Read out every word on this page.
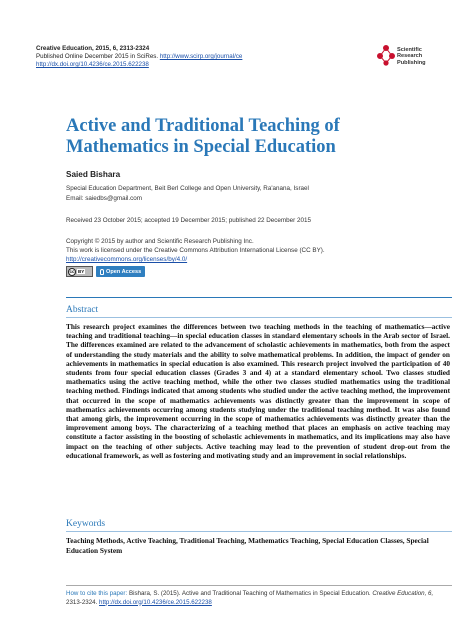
Creative Education, 2015, 6, 2313-2324
Published Online December 2015 in SciRes. http://www.scirp.org/journal/ce
http://dx.doi.org/10.4236/ce.2015.622238
Scientific
Research
Publishing
Active and Traditional Teaching of Mathematics in Special Education
Saied Bishara
Special Education Department, Beit Berl College and Open University, Ra'anana, Israel
Email: saiedbs@gmail.com
Received 23 October 2015; accepted 19 December 2015; published 22 December 2015
Copyright © 2015 by author and Scientific Research Publishing Inc.
This work is licensed under the Creative Commons Attribution International License (CC BY).
http://creativecommons.org/licenses/by/4.0/
cc BY	Open Access
Abstract
This research project examines the differences between two teaching methods in the teaching of mathematics—active teaching and traditional teaching—in special education classes in standard elementary schools in the Arab sector of Israel. The differences examined are related to the advancement of scholastic achievements in mathematics, both from the aspect of understanding the study materials and the ability to solve mathematical problems. In addition, the impact of gender on achievements in mathematics in special education is also examined. This research project involved the participation of 40 students from four special education classes (Grades 3 and 4) at a standard elementary school. Two classes studied mathematics using the active teaching method, while the other two classes studied mathematics using the traditional teaching method. Findings indicated that among students who studied under the active teaching method, the improvement that occurred in the scope of mathematics achievements was distinctly greater than the improvement in scope of mathematics achievements occurring among students studying under the traditional teaching method. It was also found that among girls, the improvement occurring in the scope of mathematics achievements was distinctly greater than the improvement among boys. The characterizing of a teaching method that places an emphasis on active teaching may constitute a factor assisting in the boosting of scholastic achievements in mathematics, and its implications may also have impact on the teaching of other subjects. Active teaching may lead to the prevention of student drop-out from the educational framework, as well as fostering and motivating study and an improvement in social relationships.
Keywords
Teaching Methods, Active Teaching, Traditional Teaching, Mathematics Teaching, Special Education Classes, Special Education System
How to cite this paper: Bishara, S. (2015). Active and Traditional Teaching of Mathematics in Special Education. Creative Education, 6, 2313-2324. http://dx.doi.org/10.4236/ce.2015.622238
